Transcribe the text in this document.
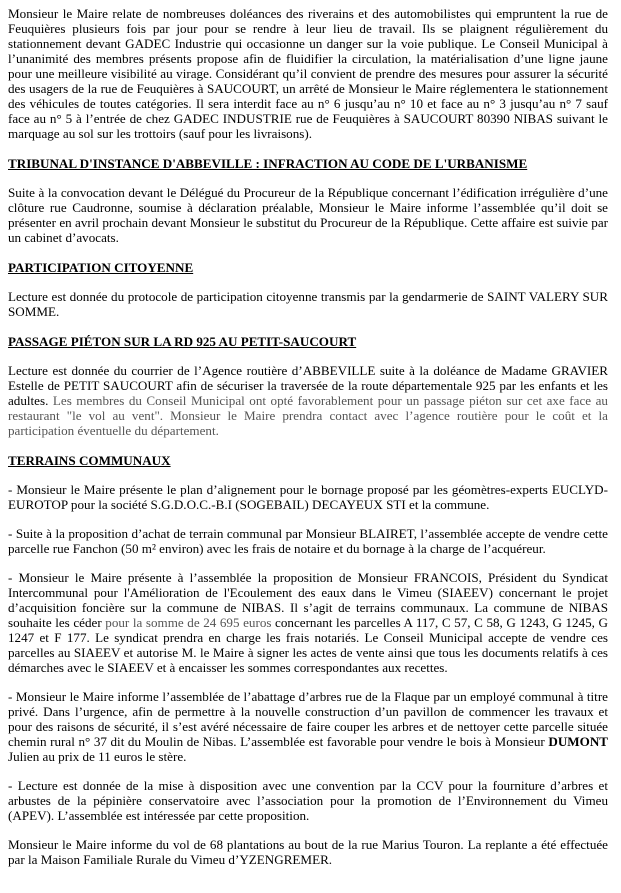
Monsieur le Maire relate de nombreuses doléances des riverains et des automobilistes qui empruntent la rue de Feuquières plusieurs fois par jour pour se rendre à leur lieu de travail. Ils se plaignent régulièrement du stationnement devant GADEC Industrie qui occasionne un danger sur la voie publique. Le Conseil Municipal à l’unanimité des membres présents propose afin de fluidifier la circulation, la matérialisation d’une ligne jaune pour une meilleure visibilité au virage. Considérant qu’il convient de prendre des mesures pour assurer la sécurité des usagers de la rue de Feuquières à SAUCOURT, un arrêté de Monsieur le Maire réglementera le stationnement des véhicules de toutes catégories. Il sera interdit face au n° 6 jusqu’au n° 10 et face au n° 3 jusqu’au n° 7 sauf face au n° 5 à l’entrée de chez GADEC INDUSTRIE rue de Feuquières à SAUCOURT 80390 NIBAS suivant le marquage au sol sur les trottoirs (sauf pour les livraisons).

TRIBUNAL D'INSTANCE D'ABBEVILLE : INFRACTION AU CODE DE L'URBANISME

Suite à la convocation devant le Délégué du Procureur de la République concernant l’édification irrégulière d’une clôture rue Caudronne, soumise à déclaration préalable, Monsieur le Maire informe l’assemblée qu’il doit se présenter en avril prochain devant Monsieur le substitut du Procureur de la République. Cette affaire est suivie par un cabinet d’avocats.

PARTICIPATION CITOYENNE

Lecture est donnée du protocole de participation citoyenne transmis par la gendarmerie de SAINT VALERY SUR SOMME.

PASSAGE PIÉTON SUR LA RD 925 AU PETIT-SAUCOURT

Lecture est donnée du courrier de l’Agence routière d’ABBEVILLE suite à la doléance de Madame GRAVIER Estelle de PETIT SAUCOURT afin de sécuriser la traversée de la route départementale 925 par les enfants et les adultes. Les membres du Conseil Municipal ont opté favorablement pour un passage piéton sur cet axe face au restaurant "le vol au vent". Monsieur le Maire prendra contact avec l’agence routière pour le coût et la participation éventuelle du département.

TERRAINS COMMUNAUX

- Monsieur le Maire présente le plan d’alignement pour le bornage proposé par les géomètres-experts EUCLYD-EUROTOP pour la société S.G.D.O.C.-B.I (SOGEBAIL) DECAYEUX STI et la commune.

- Suite à la proposition d’achat de terrain communal par Monsieur BLAIRET, l’assemblée accepte de vendre cette parcelle rue Fanchon (50 m² environ) avec les frais de notaire et du bornage à la charge de l’acquéreur.

- Monsieur le Maire présente à l’assemblée la proposition de Monsieur FRANCOIS, Président du Syndicat Intercommunal pour l'Amélioration de l'Ecoulement des eaux dans le Vimeu (SIAEEV) concernant le projet d’acquisition foncière sur la commune de NIBAS. Il s’agit de terrains communaux. La commune de NIBAS souhaite les céder pour la somme de 24 695 euros concernant les parcelles A 117, C 57, C 58, G 1243, G 1245, G 1247 et F 177. Le syndicat prendra en charge les frais notariés. Le Conseil Municipal accepte de vendre ces parcelles au SIAEEV et autorise M. le Maire à signer les actes de vente ainsi que tous les documents relatifs à ces démarches avec le SIAEEV et à encaisser les sommes correspondantes aux recettes.

- Monsieur le Maire informe l’assemblée de l’abattage d’arbres rue de la Flaque par un employé communal à titre privé. Dans l’urgence, afin de permettre à la nouvelle construction d’un pavillon de commencer les travaux et pour des raisons de sécurité, il s’est avéré nécessaire de faire couper les arbres et de nettoyer cette parcelle située chemin rural n° 37 dit du Moulin de Nibas. L’assemblée est favorable pour vendre le bois à Monsieur DUMONT Julien au prix de 11 euros le stère.

- Lecture est donnée de la mise à disposition avec une convention par la CCV pour la fourniture d’arbres et arbustes de la pépinière conservatoire avec l’association pour la promotion de l’Environnement du Vimeu (APEV). L’assemblée est intéressée par cette proposition.

Monsieur le Maire informe du vol de 68 plantations au bout de la rue Marius Touron. La replante a été effectuée par la Maison Familiale Rurale du Vimeu d’YZENGREMER.
